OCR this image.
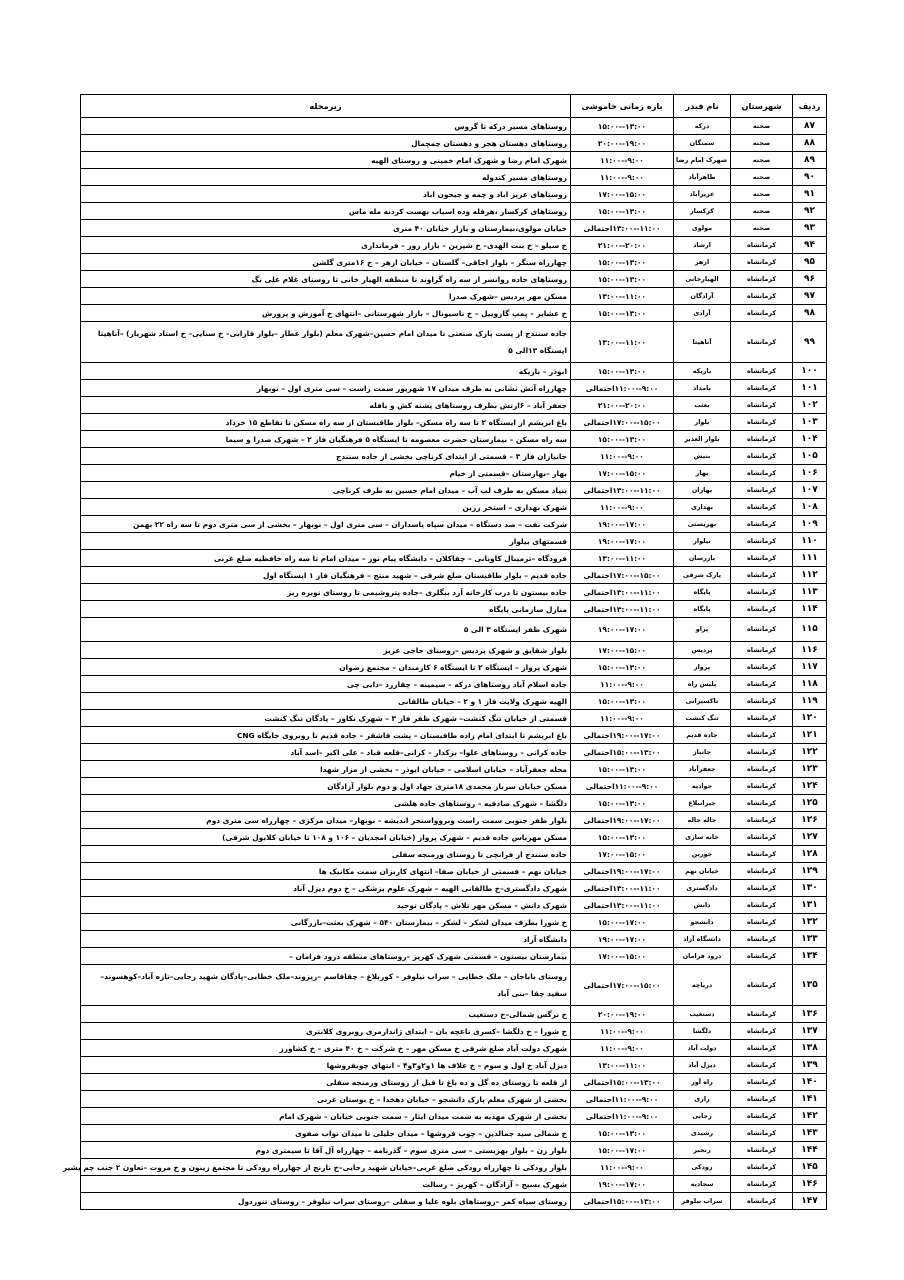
ردیف	شهرستان	نام فیدر	بازه زمانی خاموشی	زیرمحله
۸۷	صحنه	درکه	۱۳:۰۰--۱۵:۰۰	روستاهای مسیر درکه تا گروس
۸۸	صحنه	سمنگان	۱۹:۰۰--۲۰:۰۰	روستاهای دهستان هجر و دهستان چمچمال
۸۹	صحنه	شهرک امام رضا	۹:۰۰--۱۱:۰۰	شهرک امام رضا و شهرک امام خمینی و روستای الهیه
۹۰	صحنه	طاهرآباد	۹:۰۰--۱۱:۰۰	روستاهای مسیر کندوله
۹۱	صحنه	عزیزآباد	۱۵:۰۰--۱۷:۰۰	روستاهای عزیز اباد و چمه و جیحون اباد
۹۲	صحنه	کرکسار	۱۳:۰۰--۱۵:۰۰	روستاهای کرکسار ،هرفله وده اسیاب بهست کردنه مله ماس
۹۳	صحنه	مولوی	۱۱:۰۰--۱۳:۰۰احتمالی	خیابان مولوی،بیمارستان و بازار خیابان ۴۰ متری
۹۴	کرمانشاه	ارشاد	۲۰:۰۰--۲۱:۰۰	خ سیلو – خ بنت الهدی– خ شیرین – بازار روز – فرمانداری
۹۵	کرمانشاه	ازهر	۱۳:۰۰--۱۵:۰۰	چهارراه سنگر – بلوار اجاقی– گلستان – خیابان ازهر – خ ۱۶متری گلشن
۹۶	کرمانشاه	الهیارخانی	۱۳:۰۰--۱۵:۰۰	روستاهای جاده روانسر از سه راه گراوند تا منطقه الهیار خانی تا روستای غلام علی بگ
۹۷	کرمانشاه	آزادگان	۱۱:۰۰--۱۳:۰۰	مسکن مهر پردیس –شهرک صدرا
۹۸	کرمانشاه	آزادی	۱۳:۰۰--۱۵:۰۰	خ عشایر – پمپ گازوییل – خ ناسیونال – بازار شهرستانی –انتهای خ آموزش و پرورش
۹۹	کرمانشاه	آناهیتا	۱۱:۰۰--۱۳:۰۰	جاده سنندج از پست پارک صنعتی تا میدان امام حسین–شهرک معلم (بلوار عطار –بلوار فارابی– خ سنایی– خ استاد شهریار) –آناهیتا ایستگاه ۱۳الی ۵
۱۰۰	کرمانشاه	باریکه	۱۳:۰۰--۱۵:۰۰	ابوذر – باریکه
۱۰۱	کرمانشاه	بامداد	۹:۰۰--۱۱:۰۰احتمالی	چهارراه آتش نشانی به طرف میدان ۱۷ شهریور سمت راست – سی متری اول – نوبهار
۱۰۲	کرمانشاه	بعثت	۲۰:۰۰--۲۱:۰۰	جعفر آباد – ۶ارتش بطرف روستاهای پشته کش و بافله
۱۰۳	کرمانشاه	بلوار	۱۵:۰۰--۱۷:۰۰احتمالی	باغ ابریشم از ایستگاه ۲ تا سه راه مسکن– بلوار طاقبستان از سه راه مسکن تا تقاطع ۱۵ خرداد
۱۰۴	کرمانشاه	بلوار الغدیر	۱۳:۰۰--۱۵:۰۰	سه راه مسکن – بیمارستان حضرت معصومه تا ایستگاه ۵ فرهنگیان فاز ۲ – شهرک صدرا و سیما
۱۰۵	کرمانشاه	بنیش	۹:۰۰--۱۱:۰۰	جانبازان فاز ۳ – قسمتی از ابتدای کرناچی بخشی از جاده سنندج
۱۰۶	کرمانشاه	بهار	۱۵:۰۰--۱۷:۰۰	بهار –بهارستان –قسمتی از خیام
۱۰۷	کرمانشاه	بهاران	۱۱:۰۰--۱۳:۰۰احتمالی	بنیاد مسکن به طرف لب آب – میدان امام حسین به طرف کرناچی
۱۰۸	کرمانشاه	بهداری	۹:۰۰--۱۱:۰۰	شهرک بهداری – استخر زرین
۱۰۹	کرمانشاه	بهزیستی	۱۷:۰۰--۱۹:۰۰	شرکت نفت – صد دستگاه – میدان سپاه پاسداران – سی متری اول – نوبهار – بخشی از سی متری دوم تا سه راه ۲۲ بهمن
۱۱۰	کرمانشاه	بیلوار	۱۷:۰۰--۱۹:۰۰	قسمتهای بیلوار
۱۱۱	کرمانشاه	بازرسان	۱۱:۰۰--۱۳:۰۰	فرودگاه –ترمینال کاویانی – چقاکلان – دانشگاه پیام نور – میدان امام تا سه راه حافظیه ضلع غربی
۱۱۲	کرمانشاه	پارک شرقی	۱۵:۰۰--۱۷:۰۰احتمالی	جاده قدیم – بلوار طاقبستان ضلع شرقی – شهید منتج – فرهنگیان فاز ۱ ایستگاه اول
۱۱۳	کرمانشاه	پایگاه	۱۱:۰۰--۱۳:۰۰احتمالی	جاده بیستون تا درب کارخانه آرد بیگلری –جاده پتروشیمی تا روستای نوبره ریز
۱۱۴	کرمانشاه	پایگاه	۱۱:۰۰--۱۳:۰۰احتمالی	منازل سازمانی پایگاه
۱۱۵	کرمانشاه	پراو	۱۷:۰۰--۱۹:۰۰	شهرک ظفر ایستگاه ۳ الی ۵
۱۱۶	کرمانشاه	پردیس	۱۵:۰۰--۱۷:۰۰	بلوار شقایق و شهرک پردیس –روستای حاجی عزیز
۱۱۷	کرمانشاه	پرواز	۱۳:۰۰--۱۵:۰۰	شهرک پرواز – ایستگاه ۲ تا ایستگاه ۶ کارمندان – مجتمع رضوان
۱۱۸	کرمانشاه	پلیس راه	۹:۰۰--۱۱:۰۰	جاده اسلام آباد روستاهای درکه – سیمینه – چقازرد –دایی چی
۱۱۹	کرمانشاه	تاکسیرانی	۱۳:۰۰--۱۵:۰۰	الهیه شهرک ولایت فاز ۱ و ۲ – خیابان طالقانی
۱۲۰	کرمانشاه	تنگ کنشت	۹:۰۰--۱۱:۰۰	قسمتی از خیابان تنگ کنشت– شهرک ظفر فاز ۳ – شهرک نکاور – پادگان تنگ کنشت
۱۲۱	کرمانشاه	جاده قدیم	۱۷:۰۰--۱۹:۰۰احتمالی	باغ ابریشم تا ابتدای امام زاده طاقبستان – پشت قاشقر – جاده قدیم تا روبروی جایگاه CNG
۱۲۲	کرمانشاه	جانباز	۱۳:۰۰--۱۵:۰۰احتمالی	جاده کرانی – روستاهای علوا– بزکدار – کرانی–قلعه قباد – علی اکبر –اسد آباد
۱۲۳	کرمانشاه	جعفرآباد	۱۳:۰۰--۱۵:۰۰	محله جعفرآباد – خیابان اسلامی – خیابان ابوذر – بخشی از مزار شهدا
۱۲۴	کرمانشاه	جوادیه	۹:۰۰--۱۱:۰۰احتمالی	مسکن خیابان سرباز محمدی ۱۸متری جهاد اول و دوم بلوار آزادگان
۱۲۵	کرمانشاه	جیرانبلاغ	۱۳:۰۰--۱۵:۰۰	دلگشا – شهرک صادقیه – روستاهای جاده هلشی
۱۲۶	کرمانشاه	جاله جاله	۱۷:۰۰--۱۹:۰۰احتمالی	بلوار ظفر جنوبی سمت راست وبروواستخر اندیشه – نوبهار– میدان مرکزی – چهارراه سی متری دوم
۱۲۷	کرمانشاه	خانه سازی	۱۳:۰۰--۱۵:۰۰	مسکن مهرباس جاده قدیم – شهرک پرواز (خیابان امجدیان – ۱۰۶ و ۱۰۸ تا خیابان کلابول شرقی)
۱۲۸	کرمانشاه	خورین	۱۵:۰۰--۱۷:۰۰	جاده سنندج از فرانچی تا روستای ورمنجه سفلی
۱۲۹	کرمانشاه	خیابان نهم	۱۷:۰۰--۱۹:۰۰احتمالی	خیابان نهم – قسمتی از خیابان صفا– انتهای کاربزان سمت مکانیک ها
۱۳۰	کرمانشاه	دادگستری	۱۱:۰۰--۱۳:۰۰احتمالی	شهرک دادگستری–خ طالقانی الهیه – شهرک علوم پزشکی – خ دوم دیزل آباد
۱۳۱	کرمانشاه	دانش	۱۱:۰۰--۱۳:۰۰احتمالی	شهرک دانش – مسکن مهر تلاش – پادگان توحید
۱۳۲	کرمانشاه	دانشجو	۱۷:۰۰--۱۵:۰۰	خ شورا بطرف میدان لشکر – لشکر – بیمارستان ۵۴۰ – شهرک بعثت–بازرگانی
۱۳۳	کرمانشاه	دانشگاه آزاد	۱۷:۰۰--۱۹:۰۰	دانشگاه آزاد
۱۳۴	کرمانشاه	درود فرامان	۱۵:۰۰--۱۷:۰۰	بیمارستان بیستون – قسمتی شهرک کهریز –روستاهای منطقه درود فرامان –
۱۳۵	کرمانشاه	دریاچه	۱۵:۰۰--۱۷:۰۰احتمالی	روستای باباجان – ملک خطایی – سراب نیلوفر – کوربلاغ – چقاقاسم –ریزوند–ملک خطابی–پادگان شهید رجایی–تازه آباد–کوهسوند–سفید چقا –بنی آباد
۱۳۶	کرمانشاه	دستغیب	۱۹:۰۰--۲۰:۰۰	خ نرگس شمالی–خ دستغیب
۱۳۷	کرمانشاه	دلگشا	۹:۰۰--۱۱:۰۰	خ شورا – خ دلگشا –کسری تاغچه بان – ابتدای ژاندارمری روبروی کلانتری
۱۳۸	کرمانشاه	دولت آباد	۹:۰۰--۱۱:۰۰	شهرک دولت آباد ضلع شرقی خ مسکن مهر – خ شرکت – خ ۴۰ متری – خ کشاورز
۱۳۹	کرمانشاه	دیزل آباد	۱۱:۰۰--۱۳:۰۰	دیزل آباد خ اول و سوم – خ علاف ها ۱و۲و۳و۴ – انتهای چوبفروشها
۱۴۰	کرمانشاه	راه آور	۱۳:۰۰--۱۵:۰۰احتمالی	از قلعه تا روستای ده گل و ده باغ تا قبل از روستای ورمنجه سفلی
۱۴۱	کرمانشاه	رازی	۹:۰۰--۱۱:۰۰احتمالی	بخشی از شهرک معلم پارک دانشجو – خیابان دهخدا – خ بوستان غربی
۱۴۲	کرمانشاه	رجایی	۹:۰۰--۱۱:۰۰احتمالی	بخشی از شهرک مهدیه به سمت میدان ایثار – سمت جنوبی خیابان – شهرک امام
۱۴۳	کرمانشاه	رشیدی	۱۳:۰۰--۱۵:۰۰	خ شمالی سید جمالدین – چوب فروشها – میدان جلیلی تا میدان نواب صفوی
۱۴۴	کرمانشاه	رنجبر	۱۷:۰۰--۱۵:۰۰	بلوار زن – بلوار بهزیستی – سی متری سوم – گذرنامه – چهارراه آل آقا تا سیمتری دوم
۱۴۵	کرمانشاه	رودکی	۹:۰۰--۱۱:۰۰	بلوار رودکی تا چهارراه رودکی ضلع غربی–خیابان شهید رجایی–خ نارنج از چهارراه رودکی تا مجتمع زینون و خ مروت –تعاون ۲ جنب چم بشیر
۱۴۶	کرمانشاه	سجادیه	۱۷:۰۰--۱۹:۰۰	شهرک بسیج – آزادگان – کهریز – رسالت
۱۴۷	کرمانشاه	سراب نیلوفر	۱۳:۰۰--۱۵:۰۰احتمالی	روستای سیاه کمر –روستاهای بلوه علیا و سفلی –روستای سراب نیلوفر – روستای تنوردول
